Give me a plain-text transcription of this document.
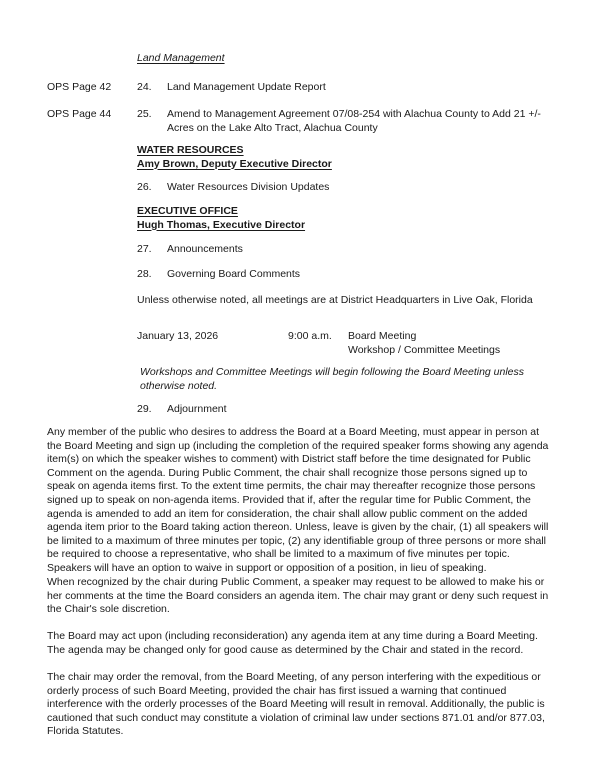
Land Management
OPS Page 42	24.	Land Management Update Report
OPS Page 44	25.	Amend to Management Agreement 07/08-254 with Alachua County to Add 21 +/- Acres on the Lake Alto Tract, Alachua County
WATER RESOURCES
Amy Brown, Deputy Executive Director
26.	Water Resources Division Updates
EXECUTIVE OFFICE
Hugh Thomas, Executive Director
27.	Announcements
28.	Governing Board Comments
Unless otherwise noted, all meetings are at District Headquarters in Live Oak, Florida
January 13, 2026	9:00 a.m.	Board Meeting
Workshop / Committee Meetings
Workshops and Committee Meetings will begin following the Board Meeting unless otherwise noted.
29.	Adjournment
Any member of the public who desires to address the Board at a Board Meeting, must appear in person at the Board Meeting and sign up (including the completion of the required speaker forms showing any agenda item(s) on which the speaker wishes to comment) with District staff before the time designated for Public Comment on the agenda. During Public Comment, the chair shall recognize those persons signed up to speak on agenda items first. To the extent time permits, the chair may thereafter recognize those persons signed up to speak on non-agenda items. Provided that if, after the regular time for Public Comment, the agenda is amended to add an item for consideration, the chair shall allow public comment on the added agenda item prior to the Board taking action thereon. Unless, leave is given by the chair, (1) all speakers will be limited to a maximum of three minutes per topic, (2) any identifiable group of three persons or more shall be required to choose a representative, who shall be limited to a maximum of five minutes per topic. Speakers will have an option to waive in support or opposition of a position, in lieu of speaking.
When recognized by the chair during Public Comment, a speaker may request to be allowed to make his or her comments at the time the Board considers an agenda item. The chair may grant or deny such request in the Chair's sole discretion.
The Board may act upon (including reconsideration) any agenda item at any time during a Board Meeting. The agenda may be changed only for good cause as determined by the Chair and stated in the record.
The chair may order the removal, from the Board Meeting, of any person interfering with the expeditious or orderly process of such Board Meeting, provided the chair has first issued a warning that continued interference with the orderly processes of the Board Meeting will result in removal. Additionally, the public is cautioned that such conduct may constitute a violation of criminal law under sections 871.01 and/or 877.03, Florida Statutes.
